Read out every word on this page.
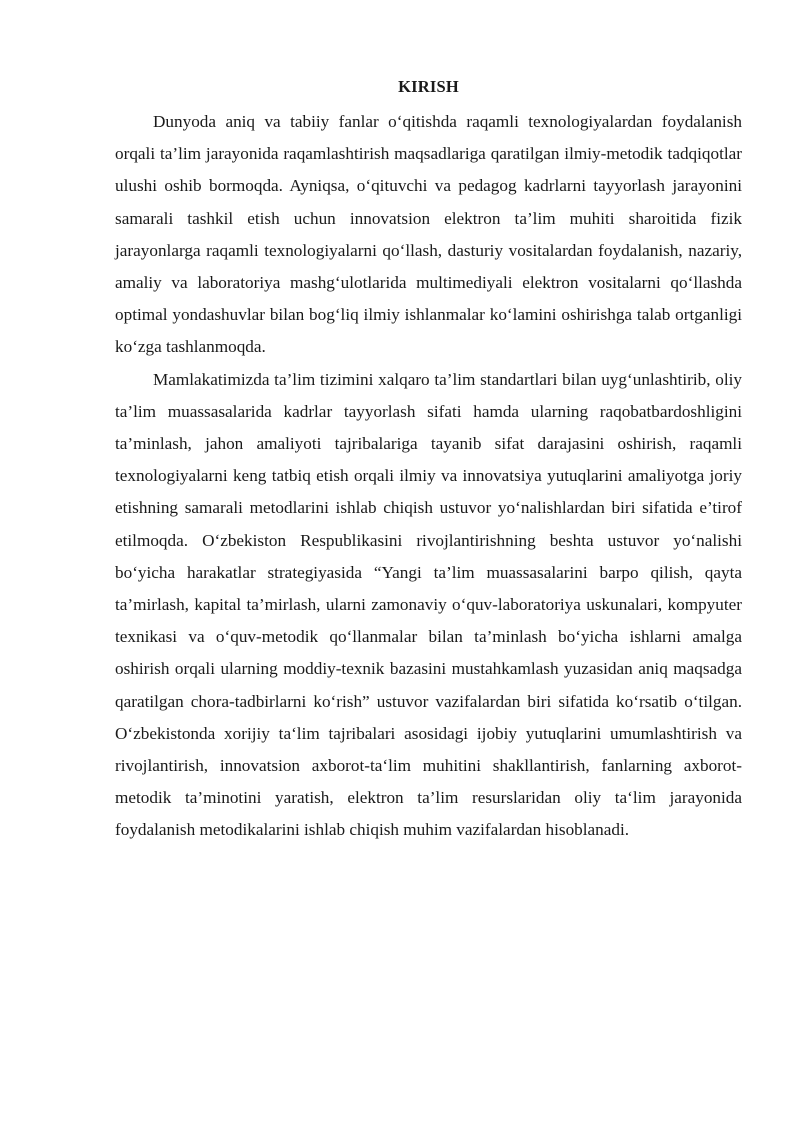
KIRISH

Dunyoda aniq va tabiiy fanlar o‘qitishda raqamli texnologiyalardan foydalanish orqali ta’lim jarayonida raqamlashtirish maqsadlariga qaratilgan ilmiy-metodik tadqiqotlar ulushi oshib bormoqda. Ayniqsa, o‘qituvchi va pedagog kadrlarni tayyorlash jarayonini samarali tashkil etish uchun innovatsion elektron ta’lim muhiti sharoitida fizik jarayonlarga raqamli texnologiyalarni qo‘llash, dasturiy vositalardan foydalanish, nazariy, amaliy va laboratoriya mashg‘ulotlarida multimediyali elektron vositalarni qo‘llashda optimal yondashuvlar bilan bog‘liq ilmiy ishlanmalar ko‘lamini oshirishga talab ortganligi ko‘zga tashlanmoqda.

Mamlakatimizda ta’lim tizimini xalqaro ta’lim standartlari bilan uyg‘unlashtirib, oliy ta’lim muassasalarida kadrlar tayyorlash sifati hamda ularning raqobatbardoshligini ta’minlash, jahon amaliyoti tajribalariga tayanib sifat darajasini oshirish, raqamli texnologiyalarni keng tatbiq etish orqali ilmiy va innovatsiya yutuqlarini amaliyotga joriy etishning samarali metodlarini ishlab chiqish ustuvor yo‘nalishlardan biri sifatida e’tirof etilmoqda. O‘zbekiston Respublikasini rivojlantirishning beshta ustuvor yo‘nalishi bo‘yicha harakatlar strategiyasida “Yangi ta’lim muassasalarini barpo qilish, qayta ta’mirlash, kapital ta’mirlash, ularni zamonaviy o‘quv-laboratoriya uskunalari, kompyuter texnikasi va o‘quv-metodik qo‘llanmalar bilan ta’minlash bo‘yicha ishlarni amalga oshirish orqali ularning moddiy-texnik bazasini mustahkamlash yuzasidan aniq maqsadga qaratilgan chora-tadbirlarni ko‘rish” ustuvor vazifalardan biri sifatida ko‘rsatib o‘tilgan. O‘zbekistonda xorijiy ta‘lim tajribalari asosidagi ijobiy yutuqlarini umumlashtirish va rivojlantirish, innovatsion axborot-ta‘lim muhitini shakllantirish, fanlarning axborot-metodik ta’minotini yaratish, elektron ta’lim resurslaridan oliy ta‘lim jarayonida foydalanish metodikalarini ishlab chiqish muhim vazifalardan hisoblanadi.
